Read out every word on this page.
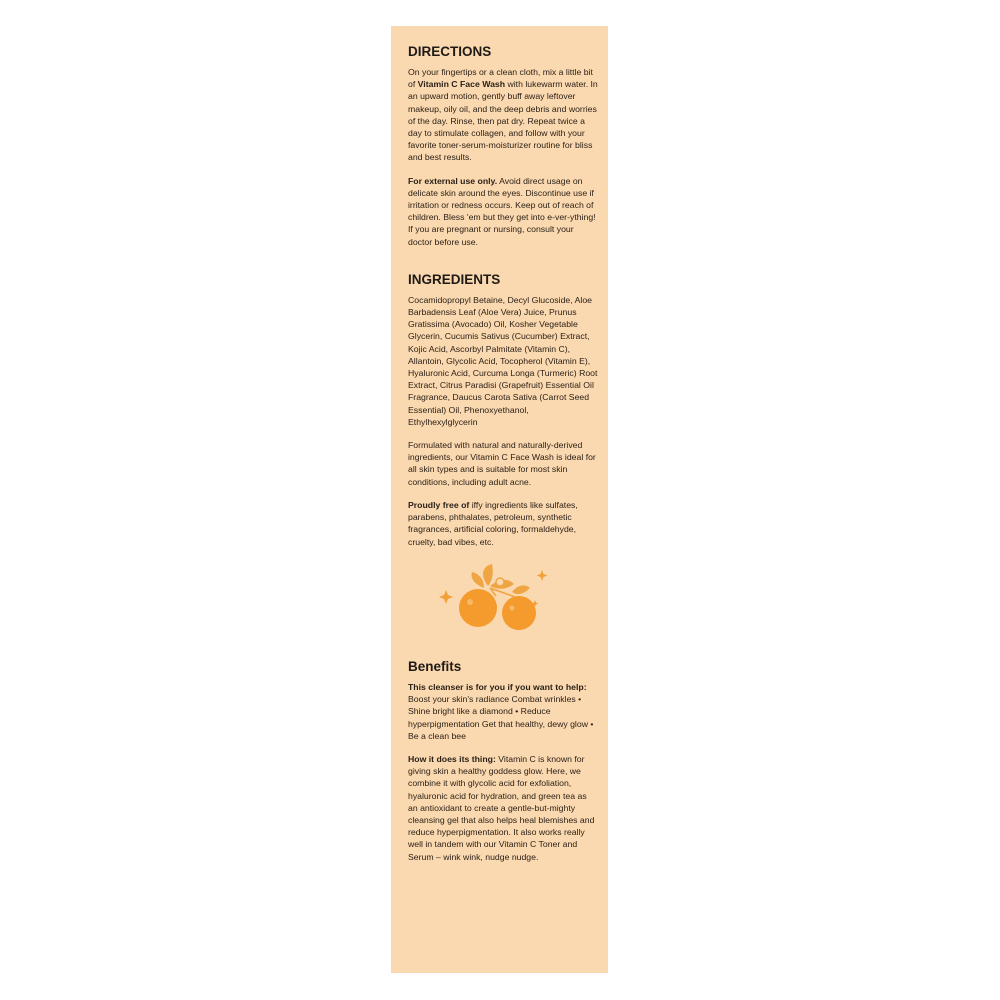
DIRECTIONS

On your fingertips or a clean cloth, mix a little bit of Vitamin C Face Wash with lukewarm water. In an upward motion, gently buff away leftover makeup, oily oil, and the deep debris and worries of the day. Rinse, then pat dry. Repeat twice a day to stimulate collagen, and follow with your favorite toner-serum-moisturizer routine for bliss and best results.

For external use only. Avoid direct usage on delicate skin around the eyes. Discontinue use if irritation or redness occurs. Keep out of reach of children. Bless 'em but they get into e-ver-ything! If you are pregnant or nursing, consult your doctor before use.

INGREDIENTS

Cocamidopropyl Betaine, Decyl Glucoside, Aloe Barbadensis Leaf (Aloe Vera) Juice, Prunus Gratissima (Avocado) Oil, Kosher Vegetable Glycerin, Cucumis Sativus (Cucumber) Extract, Kojic Acid, Ascorbyl Palmitate (Vitamin C), Allantoin, Glycolic Acid, Tocopherol (Vitamin E), Hyaluronic Acid, Curcuma Longa (Turmeric) Root Extract, Citrus Paradisi (Grapefruit) Essential Oil Fragrance, Daucus Carota Sativa (Carrot Seed Essential) Oil, Phenoxyethanol, Ethylhexylglycerin

Formulated with natural and naturally-derived ingredients, our Vitamin C Face Wash is ideal for all skin types and is suitable for most skin conditions, including adult acne.

Proudly free of iffy ingredients like sulfates, parabens, phthalates, petroleum, synthetic fragrances, artificial coloring, formaldehyde, cruelty, bad vibes, etc.

Benefits

This cleanser is for you if you want to help: Boost your skin's radiance Combat wrinkles • Shine bright like a diamond • Reduce hyperpigmentation Get that healthy, dewy glow • Be a clean bee

How it does its thing: Vitamin C is known for giving skin a healthy goddess glow. Here, we combine it with glycolic acid for exfoliation, hyaluronic acid for hydration, and green tea as an antioxidant to create a gentle-but-mighty cleansing gel that also helps heal blemishes and reduce hyperpigmentation. It also works really well in tandem with our Vitamin C Toner and Serum – wink wink, nudge nudge.
